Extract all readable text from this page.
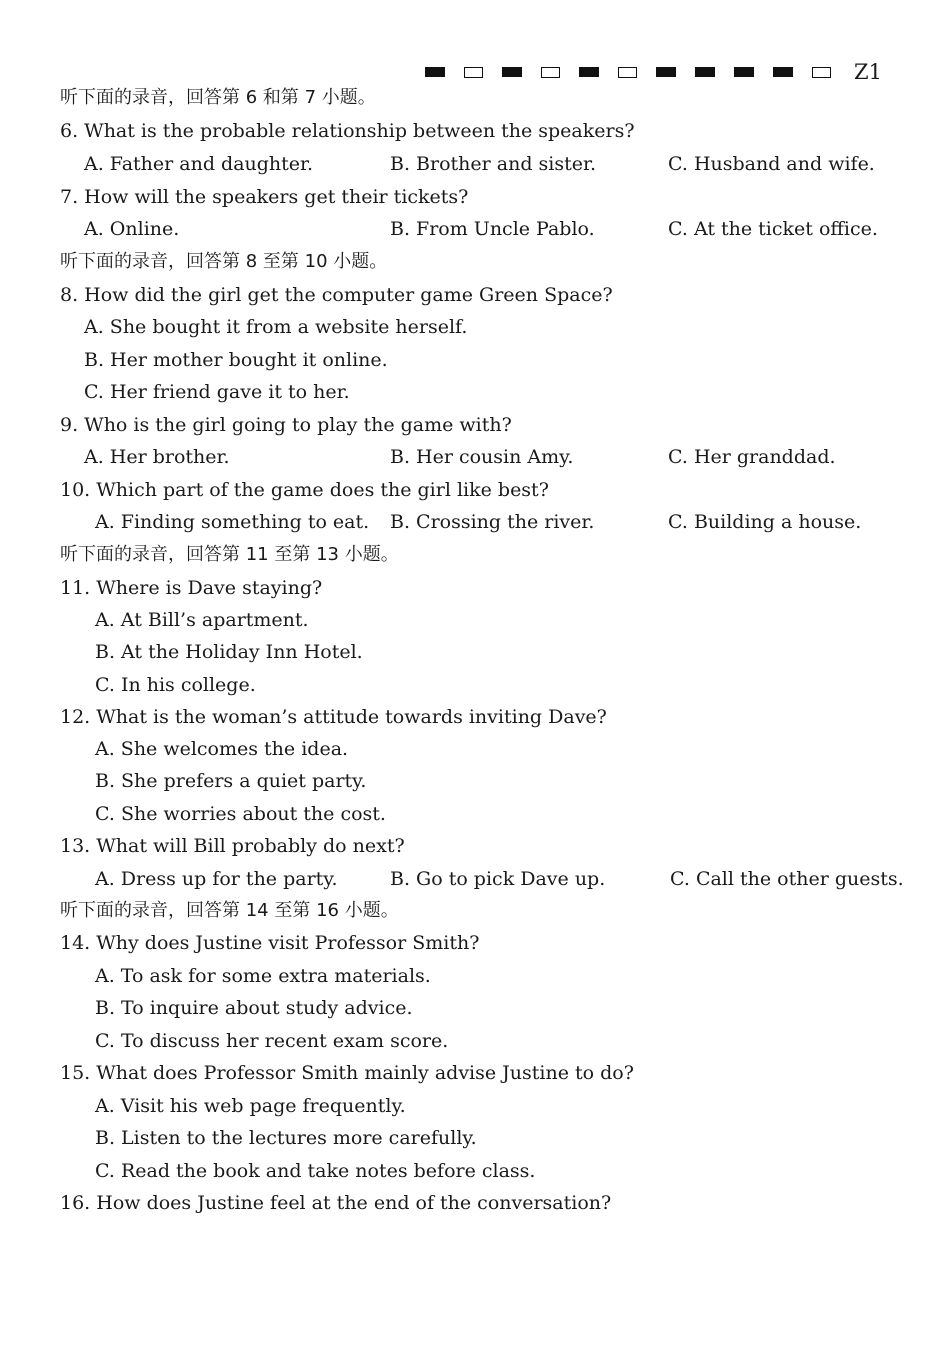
Z1
听下面的录音，回答第 6 和第 7 小题。
6. What is the probable relationship between the speakers?
A. Father and daughter.	B. Brother and sister.	C. Husband and wife.
7. How will the speakers get their tickets?
A. Online.	B. From Uncle Pablo.	C. At the ticket office.
听下面的录音，回答第 8 至第 10 小题。
8. How did the girl get the computer game Green Space?
A. She bought it from a website herself.
B. Her mother bought it online.
C. Her friend gave it to her.
9. Who is the girl going to play the game with?
A. Her brother.	B. Her cousin Amy.	C. Her granddad.
10. Which part of the game does the girl like best?
A. Finding something to eat. B. Crossing the river.	C. Building a house.
听下面的录音，回答第 11 至第 13 小题。
11. Where is Dave staying?
A. At Bill’s apartment.
B. At the Holiday Inn Hotel.
C. In his college.
12. What is the woman’s attitude towards inviting Dave?
A. She welcomes the idea.
B. She prefers a quiet party.
C. She worries about the cost.
13. What will Bill probably do next?
A. Dress up for the party.	B. Go to pick Dave up.	C. Call the other guests.
听下面的录音，回答第 14 至第 16 小题。
14. Why does Justine visit Professor Smith?
A. To ask for some extra materials.
B. To inquire about study advice.
C. To discuss her recent exam score.
15. What does Professor Smith mainly advise Justine to do?
A. Visit his web page frequently.
B. Listen to the lectures more carefully.
C. Read the book and take notes before class.
16. How does Justine feel at the end of the conversation?
